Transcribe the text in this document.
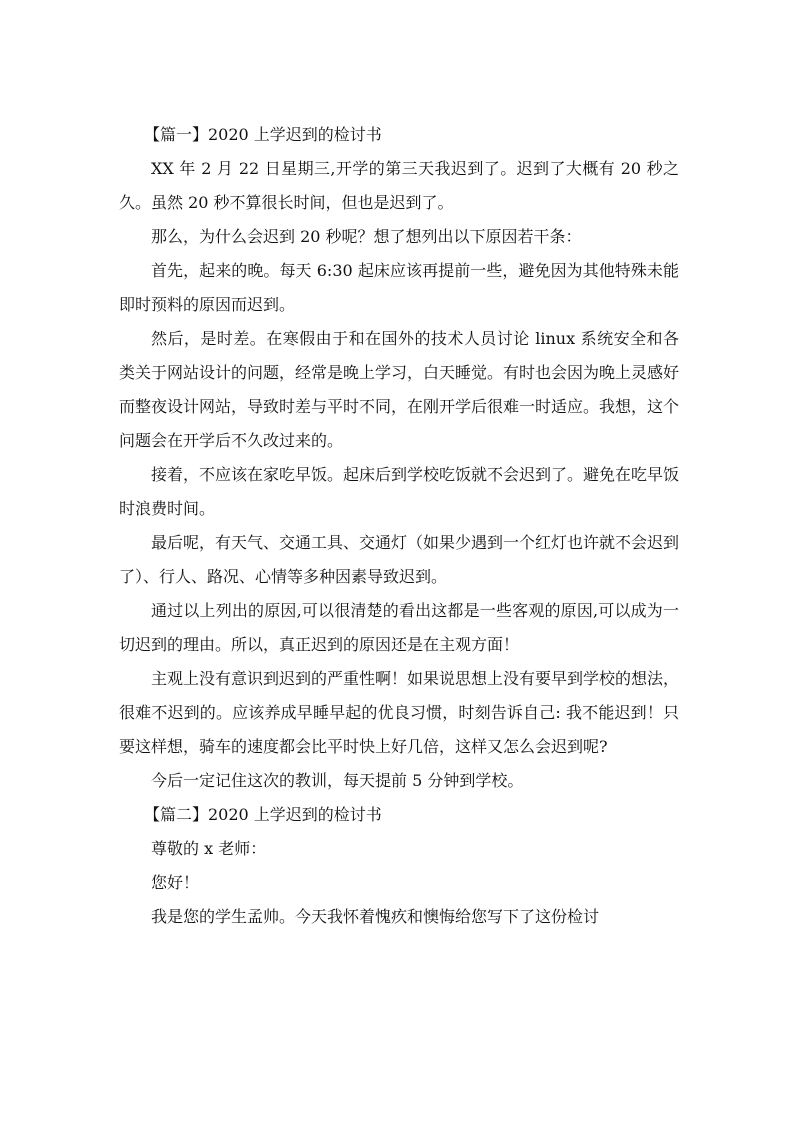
【篇一】2020 上学迟到的检讨书

XX 年 2 月 22 日星期三,开学的第三天我迟到了。迟到了大概有 20 秒之久。虽然 20 秒不算很长时间，但也是迟到了。

那么，为什么会迟到 20 秒呢？想了想列出以下原因若干条：

首先，起来的晚。每天 6:30 起床应该再提前一些，避免因为其他特殊未能即时预料的原因而迟到。

然后，是时差。在寒假由于和在国外的技术人员讨论 linux 系统安全和各类关于网站设计的问题，经常是晚上学习，白天睡觉。有时也会因为晚上灵感好而整夜设计网站，导致时差与平时不同，在刚开学后很难一时适应。我想，这个问题会在开学后不久改过来的。

接着，不应该在家吃早饭。起床后到学校吃饭就不会迟到了。避免在吃早饭时浪费时间。

最后呢，有天气、交通工具、交通灯（如果少遇到一个红灯也许就不会迟到了）、行人、路况、心情等多种因素导致迟到。

通过以上列出的原因,可以很清楚的看出这都是一些客观的原因,可以成为一切迟到的理由。所以，真正迟到的原因还是在主观方面！

主观上没有意识到迟到的严重性啊！如果说思想上没有要早到学校的想法，很难不迟到的。应该养成早睡早起的优良习惯，时刻告诉自己: 我不能迟到！只要这样想，骑车的速度都会比平时快上好几倍，这样又怎么会迟到呢?

今后一定记住这次的教训，每天提前 5 分钟到学校。

【篇二】2020 上学迟到的检讨书

尊敬的 x 老师：

您好！

我是您的学生孟帅。今天我怀着愧疚和懊悔给您写下了这份检讨
